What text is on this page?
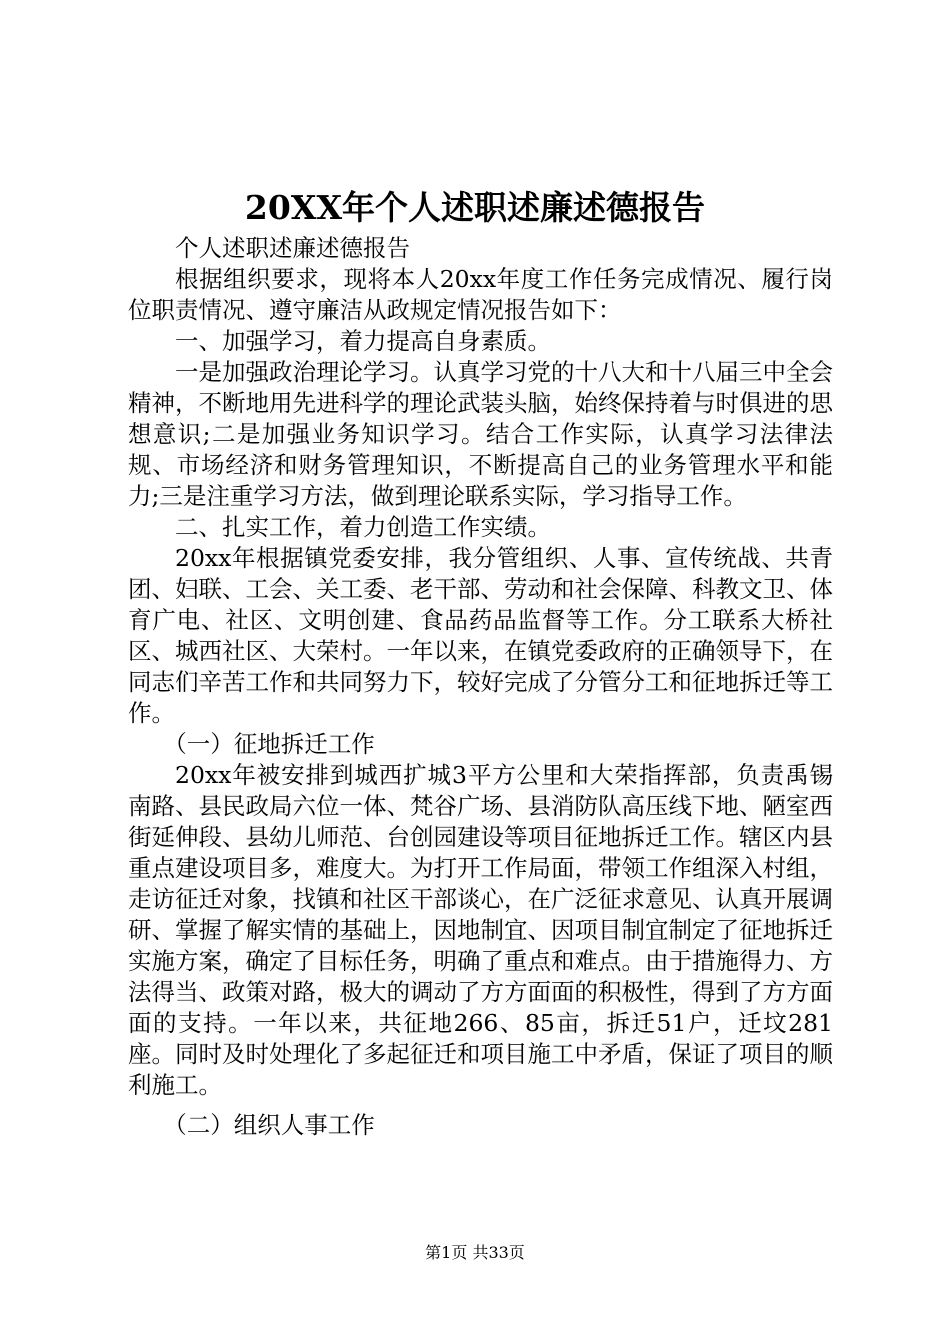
20XX年个人述职述廉述德报告

个人述职述廉述德报告

根据组织要求，现将本人20xx年度工作任务完成情况、履行岗位职责情况、遵守廉洁从政规定情况报告如下：

一、加强学习，着力提高自身素质。

一是加强政治理论学习。认真学习党的十八大和十八届三中全会精神，不断地用先进科学的理论武装头脑，始终保持着与时俱进的思想意识;二是加强业务知识学习。结合工作实际，认真学习法律法规、市场经济和财务管理知识，不断提高自己的业务管理水平和能力;三是注重学习方法，做到理论联系实际，学习指导工作。

二、扎实工作，着力创造工作实绩。

20xx年根据镇党委安排，我分管组织、人事、宣传统战、共青团、妇联、工会、关工委、老干部、劳动和社会保障、科教文卫、体育广电、社区、文明创建、食品药品监督等工作。分工联系大桥社区、城西社区、大荣村。一年以来，在镇党委政府的正确领导下，在同志们辛苦工作和共同努力下，较好完成了分管分工和征地拆迁等工作。

（一）征地拆迁工作

20xx年被安排到城西扩城3平方公里和大荣指挥部，负责禹锡南路、县民政局六位一体、梵谷广场、县消防队高压线下地、陋室西街延伸段、县幼儿师范、台创园建设等项目征地拆迁工作。辖区内县重点建设项目多，难度大。为打开工作局面，带领工作组深入村组，走访征迁对象，找镇和社区干部谈心，在广泛征求意见、认真开展调研、掌握了解实情的基础上，因地制宜、因项目制宜制定了征地拆迁实施方案，确定了目标任务，明确了重点和难点。由于措施得力、方法得当、政策对路，极大的调动了方方面面的积极性，得到了方方面面的支持。一年以来，共征地266、85亩，拆迁51户，迁坟281座。同时及时处理化了多起征迁和项目施工中矛盾，保证了项目的顺利施工。

（二）组织人事工作

第1页 共33页
